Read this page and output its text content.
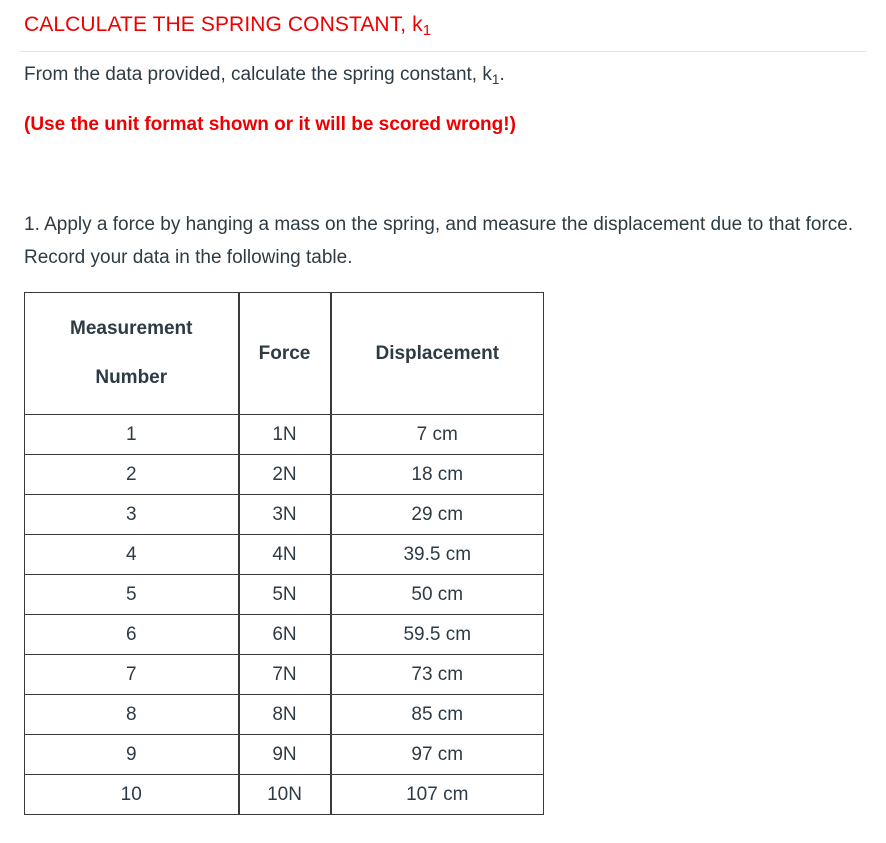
CALCULATE THE SPRING CONSTANT, $k_1$

From the data provided, calculate the spring constant, $k_1$.

(Use the unit format shown or it will be scored wrong!)

1. Apply a force by hanging a mass on the spring, and measure the displacement due to that force. Record your data in the following table.

Measurement
Number	Force	Displacement
1	1N	7 cm
2	2N	18 cm
3	3N	29 cm
4	4N	39.5 cm
5	5N	50 cm
6	6N	59.5 cm
7	7N	73 cm
8	8N	85 cm
9	9N	97 cm
10	10N	107 cm
